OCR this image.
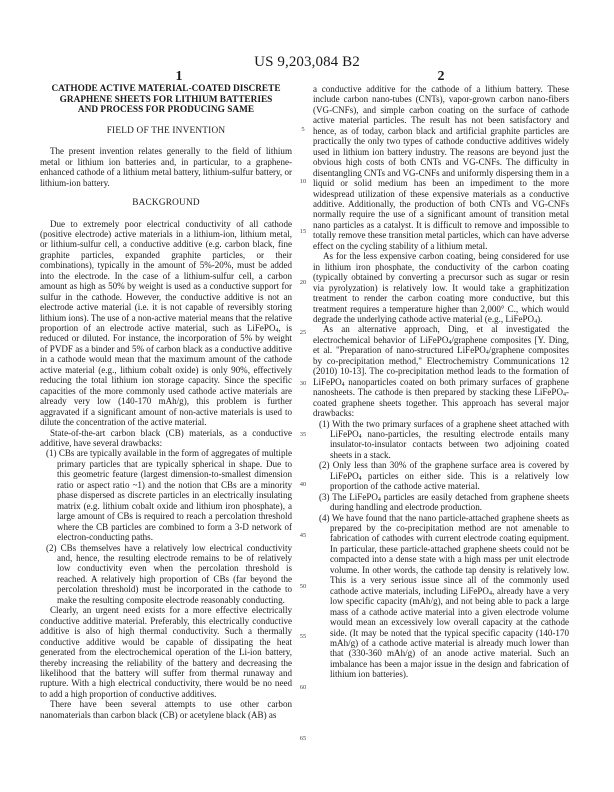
US 9,203,084 B2
1	2
CATHODE ACTIVE MATERIAL-COATED DISCRETE GRAPHENE SHEETS FOR LITHIUM BATTERIES AND PROCESS FOR PRODUCING SAME
FIELD OF THE INVENTION

The present invention relates generally to the field of lithium metal or lithium ion batteries and, in particular, to a graphene-enhanced cathode of a lithium metal battery, lithium-sulfur battery, or lithium-ion battery.

BACKGROUND

Due to extremely poor electrical conductivity of all cathode (positive electrode) active materials in a lithium-ion, lithium metal, or lithium-sulfur cell, a conductive additive (e.g. carbon black, fine graphite particles, expanded graphite particles, or their combinations), typically in the amount of 5%-20%, must be added into the electrode. In the case of a lithium-sulfur cell, a carbon amount as high as 50% by weight is used as a conductive support for sulfur in the cathode. However, the conductive additive is not an electrode active material (i.e. it is not capable of reversibly storing lithium ions). The use of a non-active material means that the relative proportion of an electrode active material, such as LiFePO$_4$, is reduced or diluted. For instance, the incorporation of 5% by weight of PVDF as a binder and 5% of carbon black as a conductive additive in a cathode would mean that the maximum amount of the cathode active material (e.g., lithium cobalt oxide) is only 90%, effectively reducing the total lithium ion storage capacity. Since the specific capacities of the more commonly used cathode active materials are already very low (140-170 mAh/g), this problem is further aggravated if a significant amount of non-active materials is used to dilute the concentration of the active material.

State-of-the-art carbon black (CB) materials, as a conductive additive, have several drawbacks:

(1) CBs are typically available in the form of aggregates of multiple primary particles that are typically spherical in shape. Due to this geometric feature (largest dimension-to-smallest dimension ratio or aspect ratio ~1) and the notion that CBs are a minority phase dispersed as discrete particles in an electrically insulating matrix (e.g. lithium cobalt oxide and lithium iron phosphate), a large amount of CBs is required to reach a percolation threshold where the CB particles are combined to form a 3-D network of electron-conducting paths.

(2) CBs themselves have a relatively low electrical conductivity and, hence, the resulting electrode remains to be of relatively low conductivity even when the percolation threshold is reached. A relatively high proportion of CBs (far beyond the percolation threshold) must be incorporated in the cathode to make the resulting composite electrode reasonably conducting.

Clearly, an urgent need exists for a more effective electrically conductive additive material. Preferably, this electrically conductive additive is also of high thermal conductivity. Such a thermally conductive additive would be capable of dissipating the heat generated from the electrochemical operation of the Li-ion battery, thereby increasing the reliability of the battery and decreasing the likelihood that the battery will suffer from thermal runaway and rupture. With a high electrical conductivity, there would be no need to add a high proportion of conductive additives.

There have been several attempts to use other carbon nanomaterials than carbon black (CB) or acetylene black (AB) as

a conductive additive for the cathode of a lithium battery. These include carbon nano-tubes (CNTs), vapor-grown carbon nano-fibers (VG-CNFs), and simple carbon coating on the surface of cathode active material particles. The result has not been satisfactory and hence, as of today, carbon black and artificial graphite particles are practically the only two types of cathode conductive additives widely used in lithium ion battery industry. The reasons are beyond just the obvious high costs of both CNTs and VG-CNFs. The difficulty in disentangling CNTs and VG-CNFs and uniformly dispersing them in a liquid or solid medium has been an impediment to the more widespread utilization of these expensive materials as a conductive additive. Additionally, the production of both CNTs and VG-CNFs normally require the use of a significant amount of transition metal nano particles as a catalyst. It is difficult to remove and impossible to totally remove these transition metal particles, which can have adverse effect on the cycling stability of a lithium metal.

As for the less expensive carbon coating, being considered for use in lithium iron phosphate, the conductivity of the carbon coating (typically obtained by converting a precursor such as sugar or resin via pyrolyzation) is relatively low. It would take a graphitization treatment to render the carbon coating more conductive, but this treatment requires a temperature higher than 2,000° C., which would degrade the underlying cathode active material (e.g., LiFePO$_4$).

As an alternative approach, Ding, et al investigated the electrochemical behavior of LiFePO$_4$/graphene composites [Y. Ding, et al. "Preparation of nano-structured LiFePO$_4$/graphene composites by co-precipitation method," Electrochemistry Communications 12 (2010) 10-13]. The co-precipitation method leads to the formation of LiFePO$_4$ nanoparticles coated on both primary surfaces of graphene nanosheets. The cathode is then prepared by stacking these LiFePO$_4$-coated graphene sheets together. This approach has several major drawbacks:

(1) With the two primary surfaces of a graphene sheet attached with LiFePO$_4$ nano-particles, the resulting electrode entails many insulator-to-insulator contacts between two adjoining coated sheets in a stack.

(2) Only less than 30% of the graphene surface area is covered by LiFePO$_4$ particles on either side. This is a relatively low proportion of the cathode active material.

(3) The LiFePO$_4$ particles are easily detached from graphene sheets during handling and electrode production.

(4) We have found that the nano particle-attached graphene sheets as prepared by the co-precipitation method are not amenable to fabrication of cathodes with current electrode coating equipment. In particular, these particle-attached graphene sheets could not be compacted into a dense state with a high mass per unit electrode volume. In other words, the cathode tap density is relatively low. This is a very serious issue since all of the commonly used cathode active materials, including LiFePO$_4$, already have a very low specific capacity (mAh/g), and not being able to pack a large mass of a cathode active material into a given electrode volume would mean an excessively low overall capacity at the cathode side. (It may be noted that the typical specific capacity (140-170 mAh/g) of a cathode active material is already much lower than that (330-360 mAh/g) of an anode active material. Such an imbalance has been a major issue in the design and fabrication of lithium ion batteries).

5
10
15
20
25
30
35
40
45
50
55
60
65
